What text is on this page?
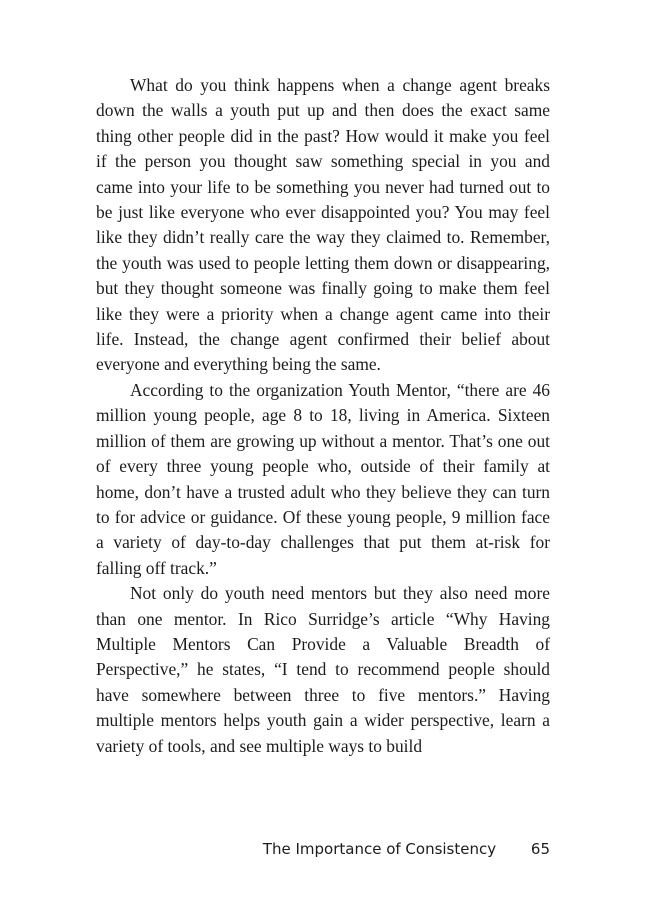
What do you think happens when a change agent breaks down the walls a youth put up and then does the exact same thing other people did in the past? How would it make you feel if the person you thought saw something special in you and came into your life to be something you never had turned out to be just like everyone who ever disappointed you? You may feel like they didn’t really care the way they claimed to. Remember, the youth was used to people letting them down or disappearing, but they thought someone was finally going to make them feel like they were a priority when a change agent came into their life. Instead, the change agent confirmed their belief about everyone and everything being the same.

According to the organization Youth Mentor, “there are 46 million young people, age 8 to 18, living in America. Sixteen million of them are growing up without a mentor. That’s one out of every three young people who, outside of their family at home, don’t have a trusted adult who they believe they can turn to for advice or guidance. Of these young people, 9 million face a variety of day-to-day challenges that put them at-risk for falling off track.”

Not only do youth need mentors but they also need more than one mentor. In Rico Surridge’s article “Why Having Multiple Mentors Can Provide a Valuable Breadth of Perspective,” he states, “I tend to recommend people should have somewhere between three to five mentors.” Having multiple mentors helps youth gain a wider perspective, learn a variety of tools, and see multiple ways to build

The Importance of Consistency 65
